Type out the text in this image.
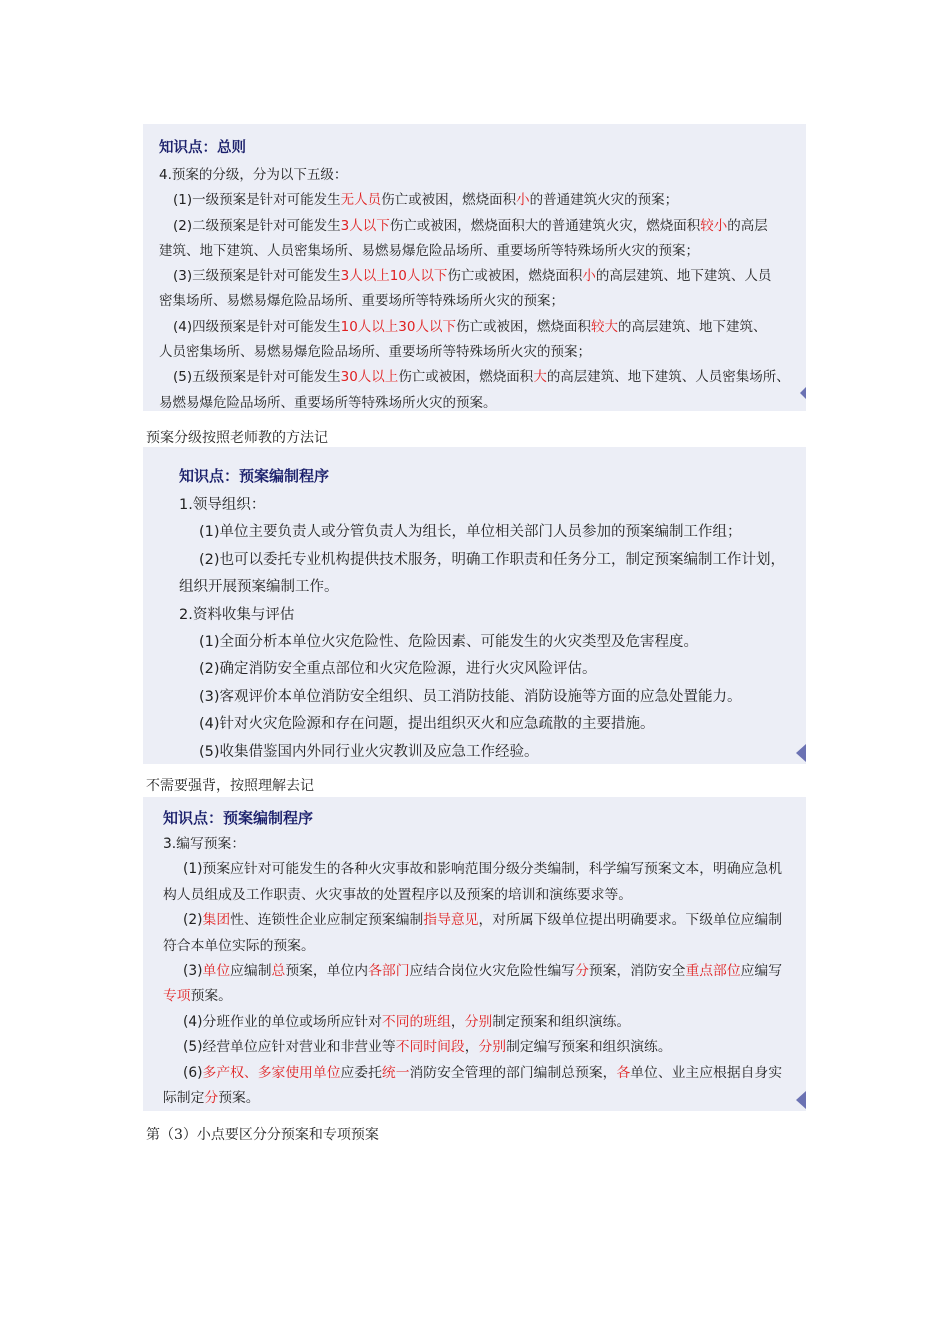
知识点：总则
4.预案的分级，分为以下五级：
(1)一级预案是针对可能发生无人员伤亡或被困，燃烧面积小的普通建筑火灾的预案；
(2)二级预案是针对可能发生3人以下伤亡或被困，燃烧面积大的普通建筑火灾，燃烧面积较小的高层
建筑、地下建筑、人员密集场所、易燃易爆危险品场所、重要场所等特殊场所火灾的预案；
(3)三级预案是针对可能发生3人以上10人以下伤亡或被困，燃烧面积小的高层建筑、地下建筑、人员
密集场所、易燃易爆危险品场所、重要场所等特殊场所火灾的预案；
(4)四级预案是针对可能发生10人以上30人以下伤亡或被困，燃烧面积较大的高层建筑、地下建筑、
人员密集场所、易燃易爆危险品场所、重要场所等特殊场所火灾的预案；
(5)五级预案是针对可能发生30人以上伤亡或被困，燃烧面积大的高层建筑、地下建筑、人员密集场所、
易燃易爆危险品场所、重要场所等特殊场所火灾的预案。
预案分级按照老师教的方法记
知识点：预案编制程序
1.领导组织：
(1)单位主要负责人或分管负责人为组长，单位相关部门人员参加的预案编制工作组；
(2)也可以委托专业机构提供技术服务，明确工作职责和任务分工，制定预案编制工作计划，
组织开展预案编制工作。
2.资料收集与评估
(1)全面分析本单位火灾危险性、危险因素、可能发生的火灾类型及危害程度。
(2)确定消防安全重点部位和火灾危险源，进行火灾风险评估。
(3)客观评价本单位消防安全组织、员工消防技能、消防设施等方面的应急处置能力。
(4)针对火灾危险源和存在问题，提出组织灭火和应急疏散的主要措施。
(5)收集借鉴国内外同行业火灾教训及应急工作经验。
不需要强背，按照理解去记
知识点：预案编制程序
3.编写预案：
(1)预案应针对可能发生的各种火灾事故和影响范围分级分类编制，科学编写预案文本，明确应急机
构人员组成及工作职责、火灾事故的处置程序以及预案的培训和演练要求等。
(2)集团性、连锁性企业应制定预案编制指导意见，对所属下级单位提出明确要求。下级单位应编制
符合本单位实际的预案。
(3)单位应编制总预案，单位内各部门应结合岗位火灾危险性编写分预案，消防安全重点部位应编写
专项预案。
(4)分班作业的单位或场所应针对不同的班组，分别制定预案和组织演练。
(5)经营单位应针对营业和非营业等不同时间段，分别制定编写预案和组织演练。
(6)多产权、多家使用单位应委托统一消防安全管理的部门编制总预案，各单位、业主应根据自身实
际制定分预案。
第（3）小点要区分分预案和专项预案
